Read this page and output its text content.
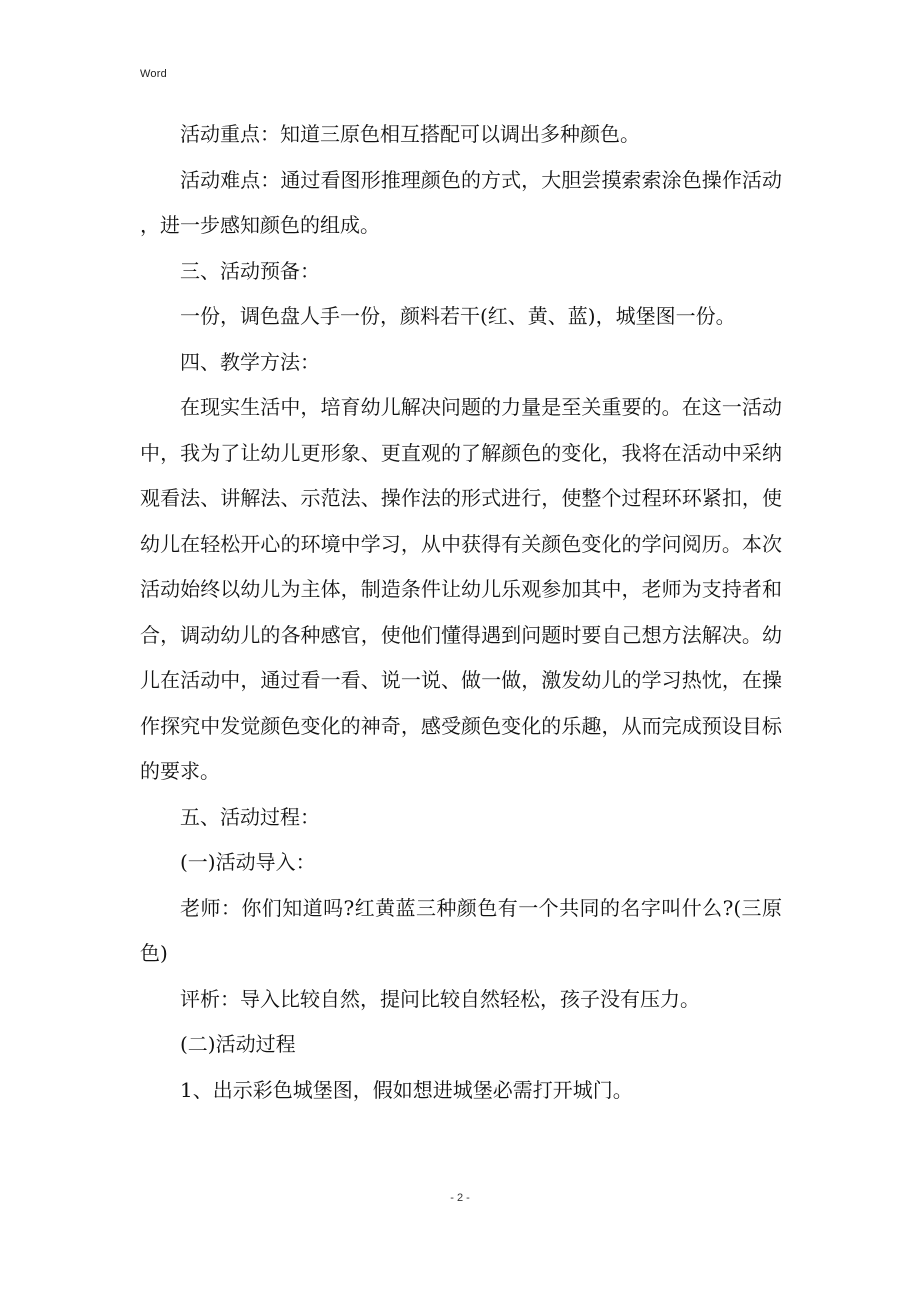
Word

活动重点：知道三原色相互搭配可以调出多种颜色。

活动难点：通过看图形推理颜色的方式，大胆尝摸索索涂色操作活动，进一步感知颜色的组成。

三、活动预备：

一份，调色盘人手一份，颜料若干(红、黄、蓝)，城堡图一份。

四、教学方法：

在现实生活中，培育幼儿解决问题的力量是至关重要的。在这一活动中，我为了让幼儿更形象、更直观的了解颜色的变化，我将在活动中采纳观看法、讲解法、示范法、操作法的形式进行，使整个过程环环紧扣，使幼儿在轻松开心的环境中学习，从中获得有关颜色变化的学问阅历。本次活动始终以幼儿为主体，制造条件让幼儿乐观参加其中，老师为支持者和合，调动幼儿的各种感官，使他们懂得遇到问题时要自己想方法解决。幼儿在活动中，通过看一看、说一说、做一做，激发幼儿的学习热忱，在操作探究中发觉颜色变化的神奇，感受颜色变化的乐趣，从而完成预设目标的要求。

五、活动过程：

(一)活动导入：

老师：你们知道吗?红黄蓝三种颜色有一个共同的名字叫什么?(三原色)

评析：导入比较自然，提问比较自然轻松，孩子没有压力。

(二)活动过程

1、出示彩色城堡图，假如想进城堡必需打开城门。

- 2 -
